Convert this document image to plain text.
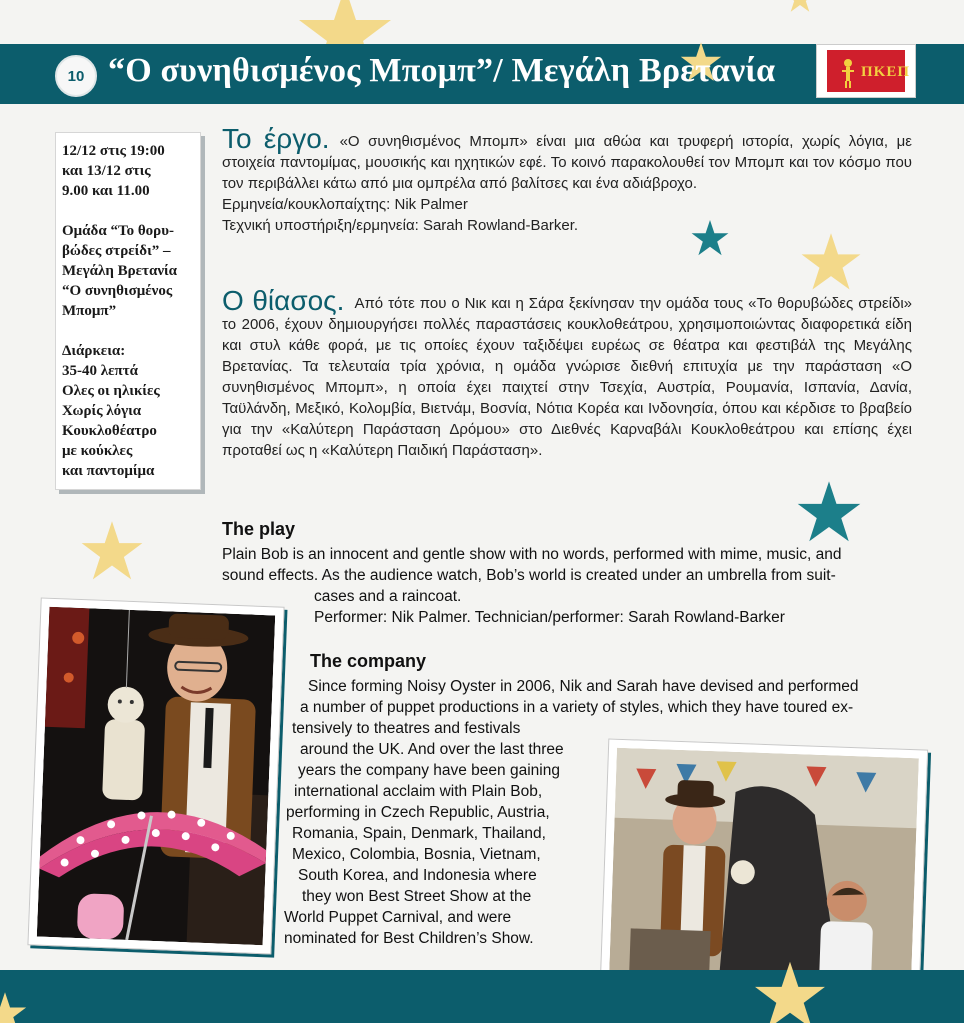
10 “Ο συνηθισμένος Μπομπ”/ Μεγάλη Βρετανία	ΠΚΕΠ

12/12 στις 19:00
και 13/12 στις
9.00 και 11.00

Ομάδα “Το θορυ-
βώδες στρείδι” –
Μεγάλη Βρετανία
“Ο συνηθισμένος
Μπομπ”

Διάρκεια:
35-40 λεπτά
Ολες οι ηλικίες
Χωρίς λόγια
Κουκλοθέατρο
με κούκλες
και παντομίμα

Το έργο. «Ο συνηθισμένος Μπομπ» είναι μια αθώα και τρυφερή ιστορία, χωρίς λόγια, με στοιχεία παντομίμας, μουσικής και ηχητικών εφέ. Το κοινό παρακολουθεί τον Μπομπ και τον κόσμο που τον περιβάλλει κάτω από μια ομπρέλα από βαλίτσες και ένα αδιάβροχο.
Ερμηνεία/κουκλοπαίχτης: Nik Palmer
Τεχνική υποστήριξη/ερμηνεία: Sarah Rowland-Barker.
Ο θίασος. Από τότε που ο Νικ και η Σάρα ξεκίνησαν την ομάδα τους «Το θορυβώδες στρείδι» το 2006, έχουν δημιουργήσει πολλές παραστάσεις κουκλοθεάτρου, χρησιμοποιώντας διαφορετικά είδη και στυλ κάθε φορά, με τις οποίες έχουν ταξιδέψει ευρέως σε θέατρα και φεστιβάλ της Μεγάλης Βρετανίας. Τα τελευταία τρία χρόνια, η ομάδα γνώρισε διεθνή επιτυχία με την παράσταση «Ο συνηθισμένος Μπομπ», η οποία έχει παιχτεί στην Τσεχία, Αυστρία, Ρουμανία, Ισπανία, Δανία, Ταϋλάνδη, Μεξικό, Κολομβία, Βιετνάμ, Βοσνία, Νότια Κορέα και Ινδονησία, όπου και κέρδισε το βραβείο για την «Καλύτερη Παράσταση Δρόμου» στο Διεθνές Καρναβάλι Κουκλοθεάτρου και επίσης έχει προταθεί ως η «Καλύτερη Παιδική Παράσταση».
The play
Plain Bob is an innocent and gentle show with no words, performed with mime, music, and
sound effects. As the audience watch, Bob’s world is created under an umbrella from suit-
cases and a raincoat.
Performer: Nik Palmer. Technician/performer: Sarah Rowland-Barker
The company
Since forming Noisy Oyster in 2006, Nik and Sarah have devised and performed
a number of puppet productions in a variety of styles, which they have toured ex-
tensively to theatres and festivals
around the UK. And over the last three
years the company have been gaining
international acclaim with Plain Bob,
performing in Czech Republic, Austria,
Romania, Spain, Denmark, Thailand,
Mexico, Colombia, Bosnia, Vietnam,
South Korea, and Indonesia where
they won Best Street Show at the
World Puppet Carnival, and were
nominated for Best Children’s Show.
